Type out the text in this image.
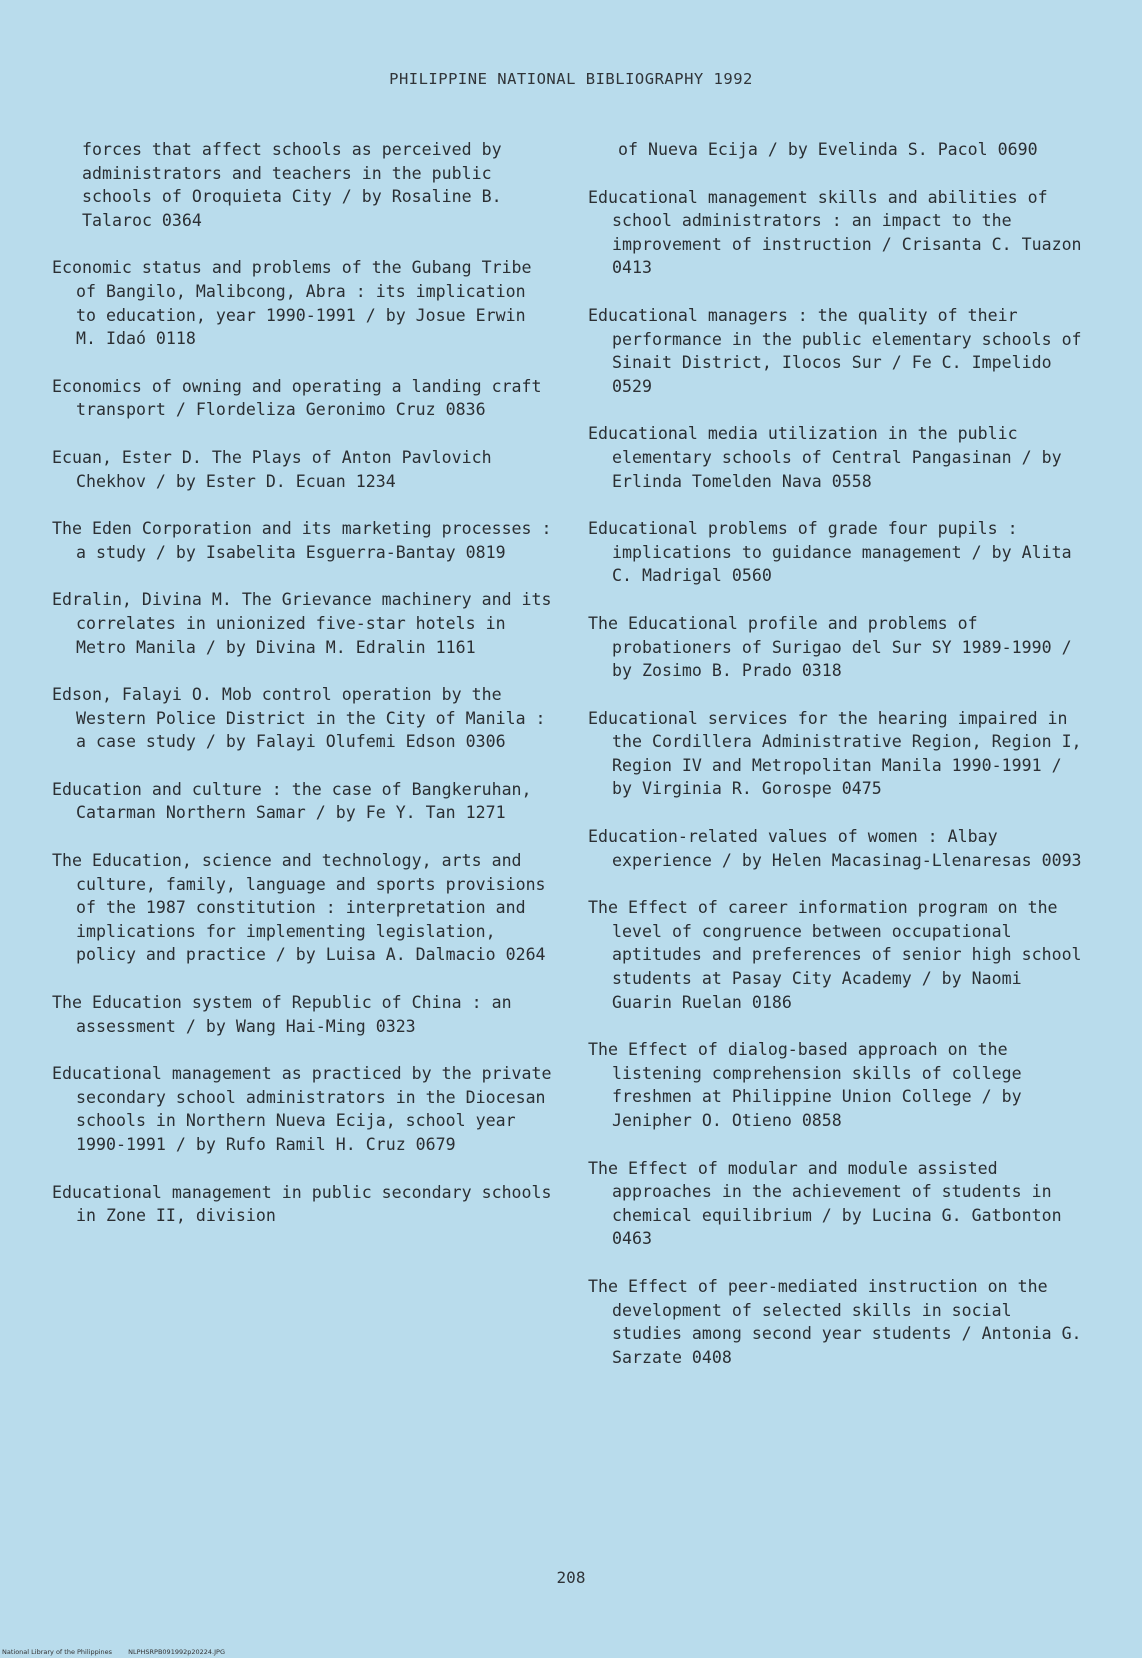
PHILIPPINE NATIONAL BIBLIOGRAPHY 1992
forces that affect schools as perceived by administrators and teachers in the public schools of Oroquieta City / by Rosaline B. Talaroc 0364
Economic status and problems of the Gubang Tribe of Bangilo, Malibcong, Abra : its implication to education, year 1990-1991 / by Josue Erwin M. Idaó 0118
Economics of owning and operating a landing craft transport / Flordeliza Geronimo Cruz 0836
Ecuan, Ester D. The Plays of Anton Pavlovich Chekhov / by Ester D. Ecuan 1234
The Eden Corporation and its marketing processes : a study / by Isabelita Esguerra-Bantay 0819
Edralin, Divina M. The Grievance machinery and its correlates in unionized five-star hotels in Metro Manila / by Divina M. Edralin 1161
Edson, Falayi O. Mob control operation by the Western Police District in the City of Manila : a case study / by Falayi Olufemi Edson 0306
Education and culture : the case of Bangkeruhan, Catarman Northern Samar / by Fe Y. Tan 1271
The Education, science and technology, arts and culture, family, language and sports provisions of the 1987 constitution : interpretation and implications for implementing legislation, policy and practice / by Luisa A. Dalmacio 0264
The Education system of Republic of China : an assessment / by Wang Hai-Ming 0323
Educational management as practiced by the private secondary school administrators in the Diocesan schools in Northern Nueva Ecija, school year 1990-1991 / by Rufo Ramil H. Cruz 0679
Educational management in public secondary schools in Zone II, division
of Nueva Ecija / by Evelinda S. Pacol 0690
Educational management skills and abilities of school administrators : an impact to the improvement of instruction / Crisanta C. Tuazon 0413
Educational managers : the quality of their performance in the public elementary schools of Sinait District, Ilocos Sur / Fe C. Impelido 0529
Educational media utilization in the public elementary schools of Central Pangasinan / by Erlinda Tomelden Nava 0558
Educational problems of grade four pupils : implications to guidance management / by Alita C. Madrigal 0560
The Educational profile and problems of probationers of Surigao del Sur SY 1989-1990 / by Zosimo B. Prado 0318
Educational services for the hearing impaired in the Cordillera Administrative Region, Region I, Region IV and Metropolitan Manila 1990-1991 / by Virginia R. Gorospe 0475
Education-related values of women : Albay experience / by Helen Macasinag-Llenaresas 0093
The Effect of career information program on the level of congruence between occupational aptitudes and preferences of senior high school students at Pasay City Academy / by Naomi Guarin Ruelan 0186
The Effect of dialog-based approach on the listening comprehension skills of college freshmen at Philippine Union College / by Jenipher O. Otieno 0858
The Effect of modular and module assisted approaches in the achievement of students in chemical equilibrium / by Lucina G. Gatbonton 0463
The Effect of peer-mediated instruction on the development of selected skills in social studies among second year students / Antonia G. Sarzate 0408
208
National Library of the Philippines NLPHSRPB091992p20224.JPG
